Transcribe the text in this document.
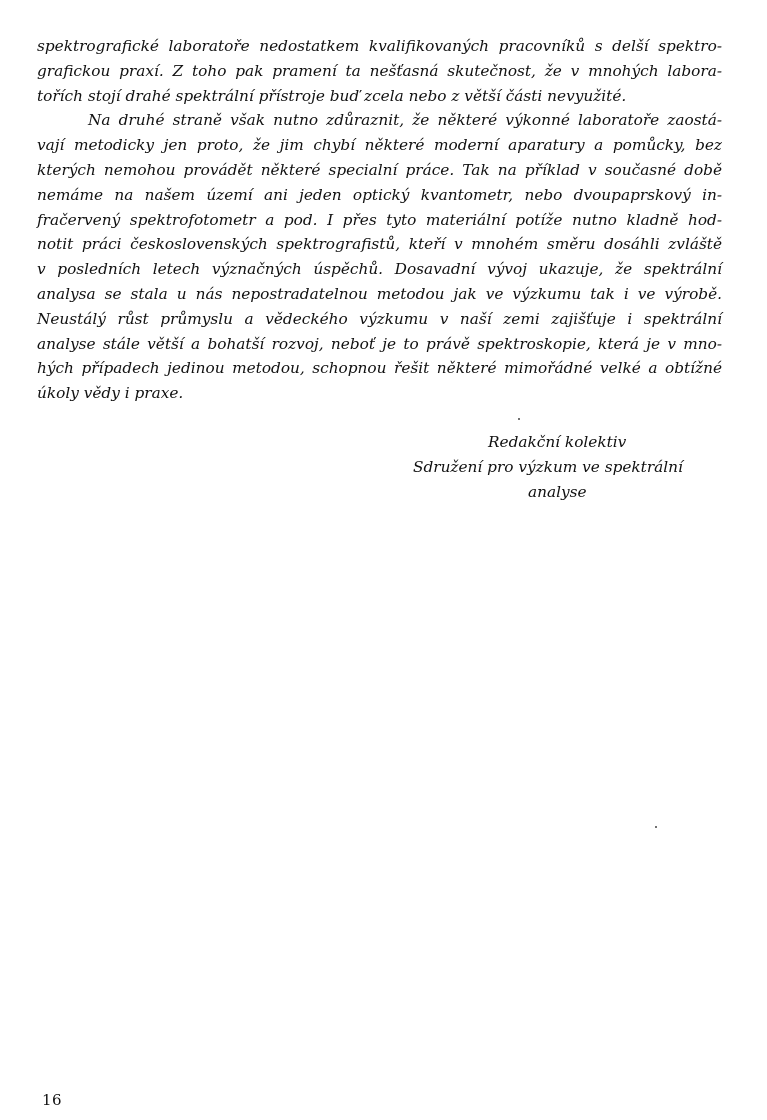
spektrografické laboratoře nedostatkem kvalifikovaných pracovníků s delší spektro-
grafickou praxí. Z toho pak pramení ta nešťasná skutečnost, že v mnohých labora-
tořích stojí drahé spektrální přístroje buď zcela nebo z větší části nevyužité.
Na druhé straně však nutno zdůraznit, že některé výkonné laboratoře zaostá-
vají metodicky jen proto, že jim chybí některé moderní aparatury a pomůcky, bez
kterých nemohou provádět některé specialní práce. Tak na příklad v současné době
nemáme na našem území ani jeden optický kvantometr, nebo dvoupaprskový in-
fračervený spektrofotometr a pod. I přes tyto materiální potíže nutno kladně hod-
notit práci československých spektrografistů, kteří v mnohém směru dosáhli zvláště
v posledních letech význačných úspěchů. Dosavadní vývoj ukazuje, že spektrální
analysa se stala u nás nepostradatelnou metodou jak ve výzkumu tak i ve výrobě.
Neustálý růst průmyslu a vědeckého výzkumu v naší zemi zajišťuje i spektrální
analyse stále větší a bohatší rozvoj, neboť je to právě spektroskopie, která je v mno-
hých případech jedinou metodou, schopnou řešit některé mimořádné velké a obtížné
úkoly vědy i praxe.
Redakční kolektiv
Sdružení pro výzkum ve spektrální
analyse
16
